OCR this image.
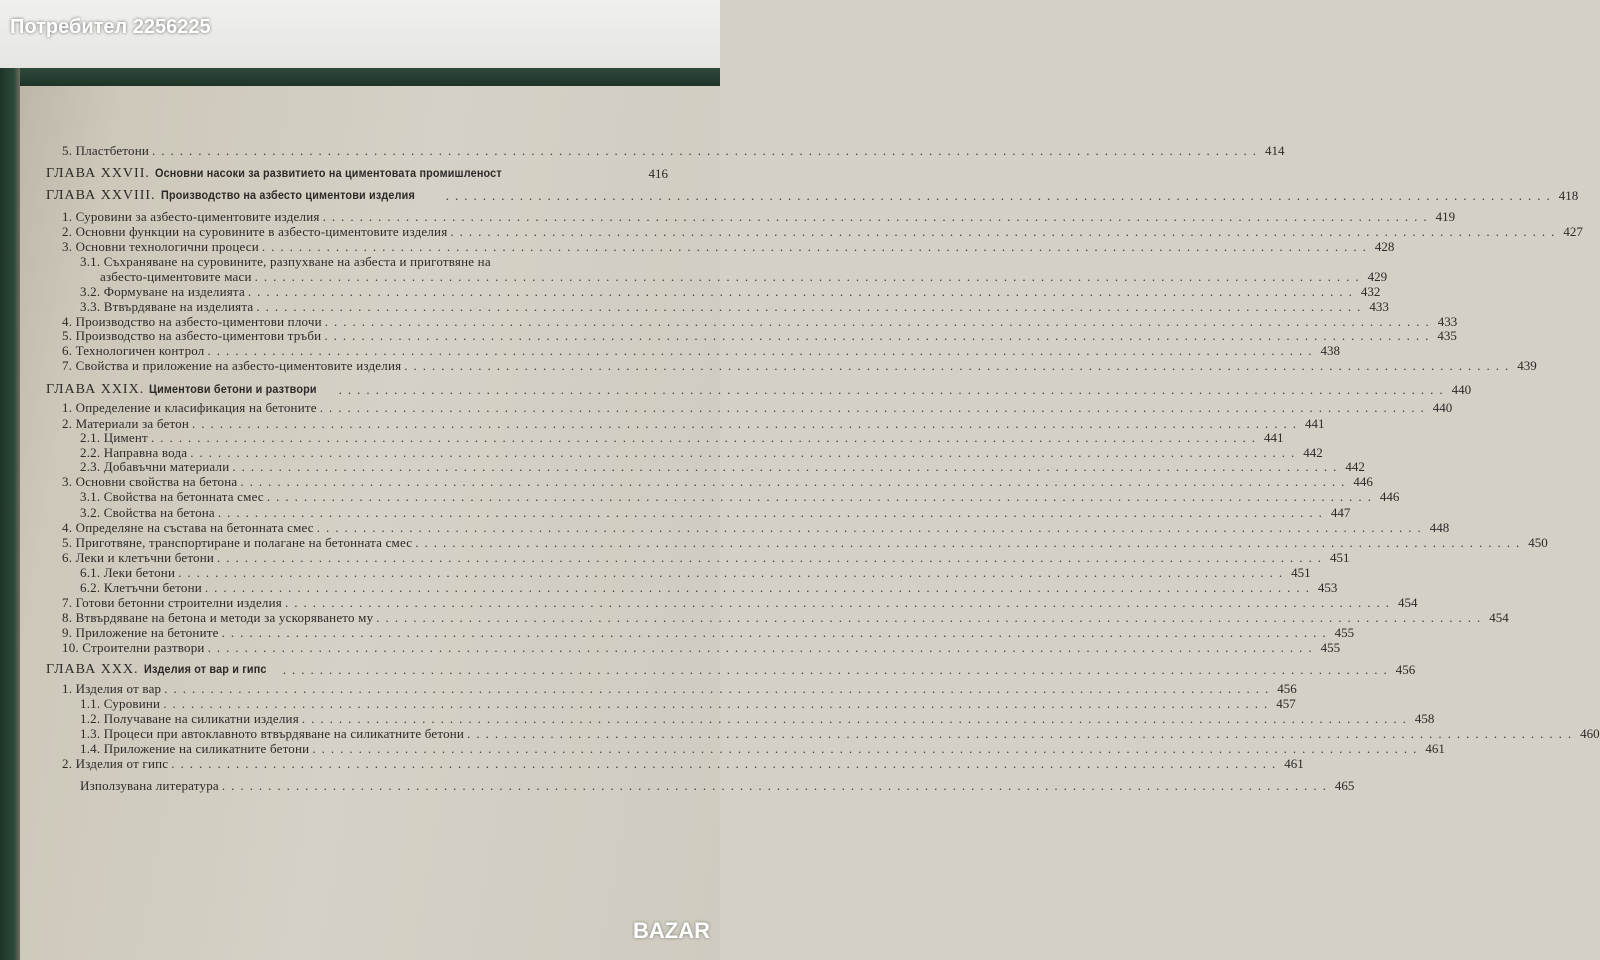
Потребител 2256225
5. Пластбетони ........................................................................................................................ 414
ГЛАВА XXVII. Основни насоки за развитието на циментовата промишленост	416
ГЛАВА XXVIII. Производство на азбесто циментови изделия	........................................................................................................................ 418
1. Суровини за азбесто-циментовите изделия ........................................................................................................................ 419
2. Основни функции на суровините в азбесто-циментовите изделия ........................................................................................................................ 427
3. Основни технологични процеси ........................................................................................................................ 428
3.1. Съхраняване на суровините, разпухване на азбеста и приготвяне на
азбесто-циментовите маси ........................................................................................................................ 429
3.2. Формуване на изделията ........................................................................................................................ 432
3.3. Втвърдяване на изделията ........................................................................................................................ 433
4. Производство на азбесто-циментови плочи ........................................................................................................................ 433
5. Производство на азбесто-циментови тръби ........................................................................................................................ 435
6. Технологичен контрол ........................................................................................................................ 438
7. Свойства и приложение на азбесто-циментовите изделия ........................................................................................................................ 439
ГЛАВА XXIX. Циментови бетони и разтвори	........................................................................................................................ 440
1. Определение и класификация на бетоните ........................................................................................................................ 440
2. Материали за бетон ........................................................................................................................ 441
2.1. Цимент ........................................................................................................................ 441
2.2. Направна вода ........................................................................................................................ 442
2.3. Добавъчни материали ........................................................................................................................ 442
3. Основни свойства на бетона ........................................................................................................................ 446
3.1. Свойства на бетонната смес ........................................................................................................................ 446
3.2. Свойства на бетона ........................................................................................................................ 447
4. Определяне на състава на бетонната смес ........................................................................................................................ 448
5. Приготвяне, транспортиране и полагане на бетонната смес ........................................................................................................................ 450
6. Леки и клетъчни бетони ........................................................................................................................ 451
6.1. Леки бетони ........................................................................................................................ 451
6.2. Клетъчни бетони ........................................................................................................................ 453
7. Готови бетонни строителни изделия ........................................................................................................................ 454
8. Втвърдяване на бетона и методи за ускоряването му ........................................................................................................................ 454
9. Приложение на бетоните ........................................................................................................................ 455
10. Строителни разтвори ........................................................................................................................ 455
ГЛАВА XXX. Изделия от вар и гипс	........................................................................................................................ 456
1. Изделия от вар ........................................................................................................................ 456
1.1. Суровини ........................................................................................................................ 457
1.2. Получаване на силикатни изделия ........................................................................................................................ 458
1.3. Процеси при автоклавното втвърдяване на силикатните бетони ........................................................................................................................ 460
1.4. Приложение на силикатните бетони ........................................................................................................................ 461
2. Изделия от гипс ........................................................................................................................ 461
Използувана литература ........................................................................................................................ 465
BAZAR
